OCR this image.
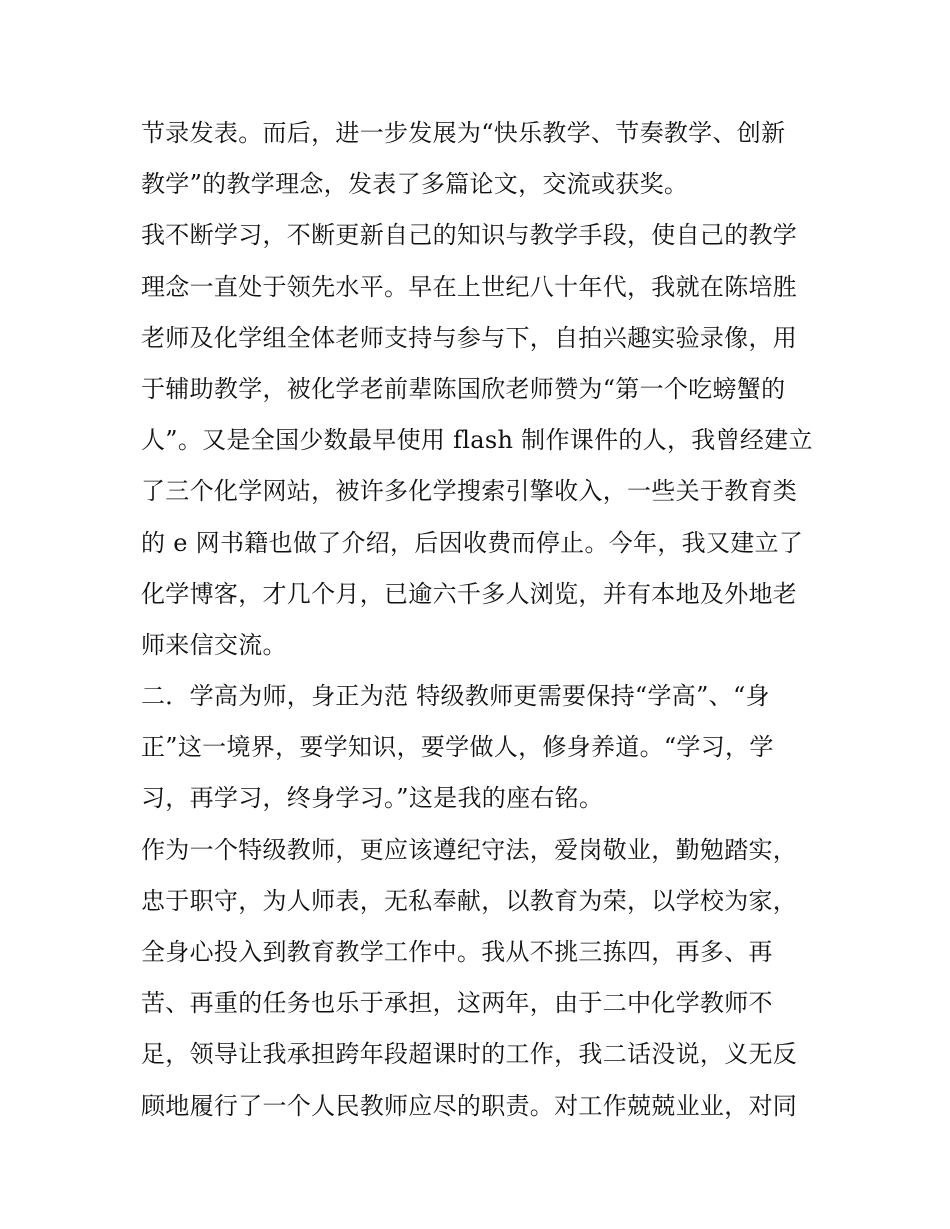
节录发表。而后，进一步发展为“快乐教学、节奏教学、创新
教学”的教学理念，发表了多篇论文，交流或获奖。
我不断学习，不断更新自己的知识与教学手段，使自己的教学
理念一直处于领先水平。早在上世纪八十年代，我就在陈培胜
老师及化学组全体老师支持与参与下，自拍兴趣实验录像，用
于辅助教学，被化学老前辈陈国欣老师赞为“第一个吃螃蟹的
人”。又是全国少数最早使用 flash 制作课件的人，我曾经建立
了三个化学网站，被许多化学搜索引擎收入，一些关于教育类
的 e 网书籍也做了介绍，后因收费而停止。今年，我又建立了
化学博客，才几个月，已逾六千多人浏览，并有本地及外地老
师来信交流。
二．学高为师，身正为范 特级教师更需要保持“学高”、“身
正”这一境界，要学知识，要学做人，修身养道。“学习，学
习，再学习，终身学习。”这是我的座右铭。
作为一个特级教师，更应该遵纪守法，爱岗敬业，勤勉踏实，
忠于职守，为人师表，无私奉献，以教育为荣，以学校为家，
全身心投入到教育教学工作中。我从不挑三拣四，再多、再
苦、再重的任务也乐于承担，这两年，由于二中化学教师不
足，领导让我承担跨年段超课时的工作，我二话没说，义无反
顾地履行了一个人民教师应尽的职责。对工作兢兢业业，对同
